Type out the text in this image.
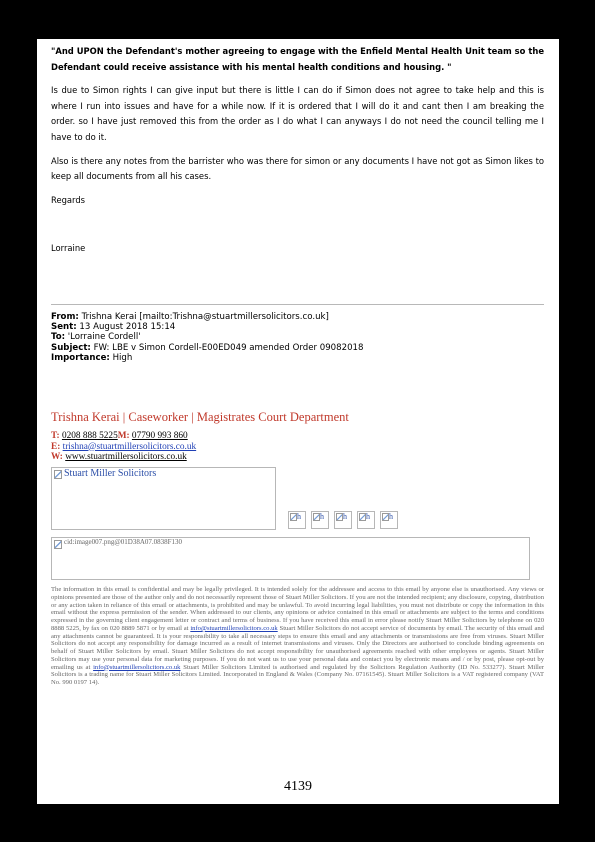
"And UPON the Defendant's mother agreeing to engage with the Enfield Mental Health Unit team so the Defendant could receive assistance with his mental health conditions and housing. "

Is due to Simon rights I can give input but there is little I can do if Simon does not agree to take help and this is where I run into issues and have for a while now. If it is ordered that I will do it and cant then I am breaking the order. so I have just removed this from the order as I do what I can anyways I do not need the council telling me I have to do it.

Also is there any notes from the barrister who was there for simon or any documents I have not got as Simon likes to keep all documents from all his cases.

Regards

Lorraine

From: Trishna Kerai [mailto:Trishna@stuartmillersolicitors.co.uk]
Sent: 13 August 2018 15:14
To: 'Lorraine Cordell'
Subject: FW: LBE v Simon Cordell-E00ED049 amended Order 09082018
Importance: High
Trishna Kerai | Caseworker | Magistrates Court Department
T: 0208 888 5225M: 07790 993 860
E: trishna@stuartmillersolicitors.co.uk
W: www.stuartmillersolicitors.co.uk
$^{Stuart Miller Solicitors}$
$^h$	$^h$	$^h$	$^h$	$^h$
$^{cid:image007.png@01D38A07.0838F130}$
The information in this email is confidential and may be legally privileged. It is intended solely for the addressee and access to this email by anyone else is unauthorised. Any views or opinions presented are those of the author only and do not necessarily represent those of Stuart Miller Solicitors. If you are not the intended recipient; any disclosure, copying, distribution or any action taken in reliance of this email or attachments, is prohibited and may be unlawful. To avoid incurring legal liabilities, you must not distribute or copy the information in this email without the express permission of the sender. When addressed to our clients, any opinions or advice contained in this email or attachments are subject to the terms and conditions expressed in the governing client engagement letter or contract and terms of business. If you have received this email in error please notify Stuart Miller Solicitors by telephone on 020 8888 5225, by fax on 020 8889 5871 or by email at info@stuartmillersolicitors.co.uk Stuart Miller Solicitors do not accept service of documents by email. The security of this email and any attachments cannot be guaranteed. It is your responsibility to take all necessary steps to ensure this email and any attachments or transmissions are free from viruses. Stuart Miller Solicitors do not accept any responsibility for damage incurred as a result of internet transmissions and viruses. Only the Directors are authorised to conclude binding agreements on behalf of Stuart Miller Solicitors by email. Stuart Miller Solicitors do not accept responsibility for unauthorised agreements reached with other employees or agents. Stuart Miller Solicitors may use your personal data for marketing purposes. If you do not want us to use your personal data and contact you by electronic means and / or by post, please opt-out by emailing us at info@stuartmillersolicitors.co.uk Stuart Miller Solicitors Limited is authorised and regulated by the Solicitors Regulation Authority (ID No. 533277). Stuart Miller Solicitors is a trading name for Stuart Miller Solicitors Limited. Incorporated in England & Wales (Company No. 07161545). Stuart Miller Solicitors is a VAT registered company (VAT No. 990 0197 14).
4139
